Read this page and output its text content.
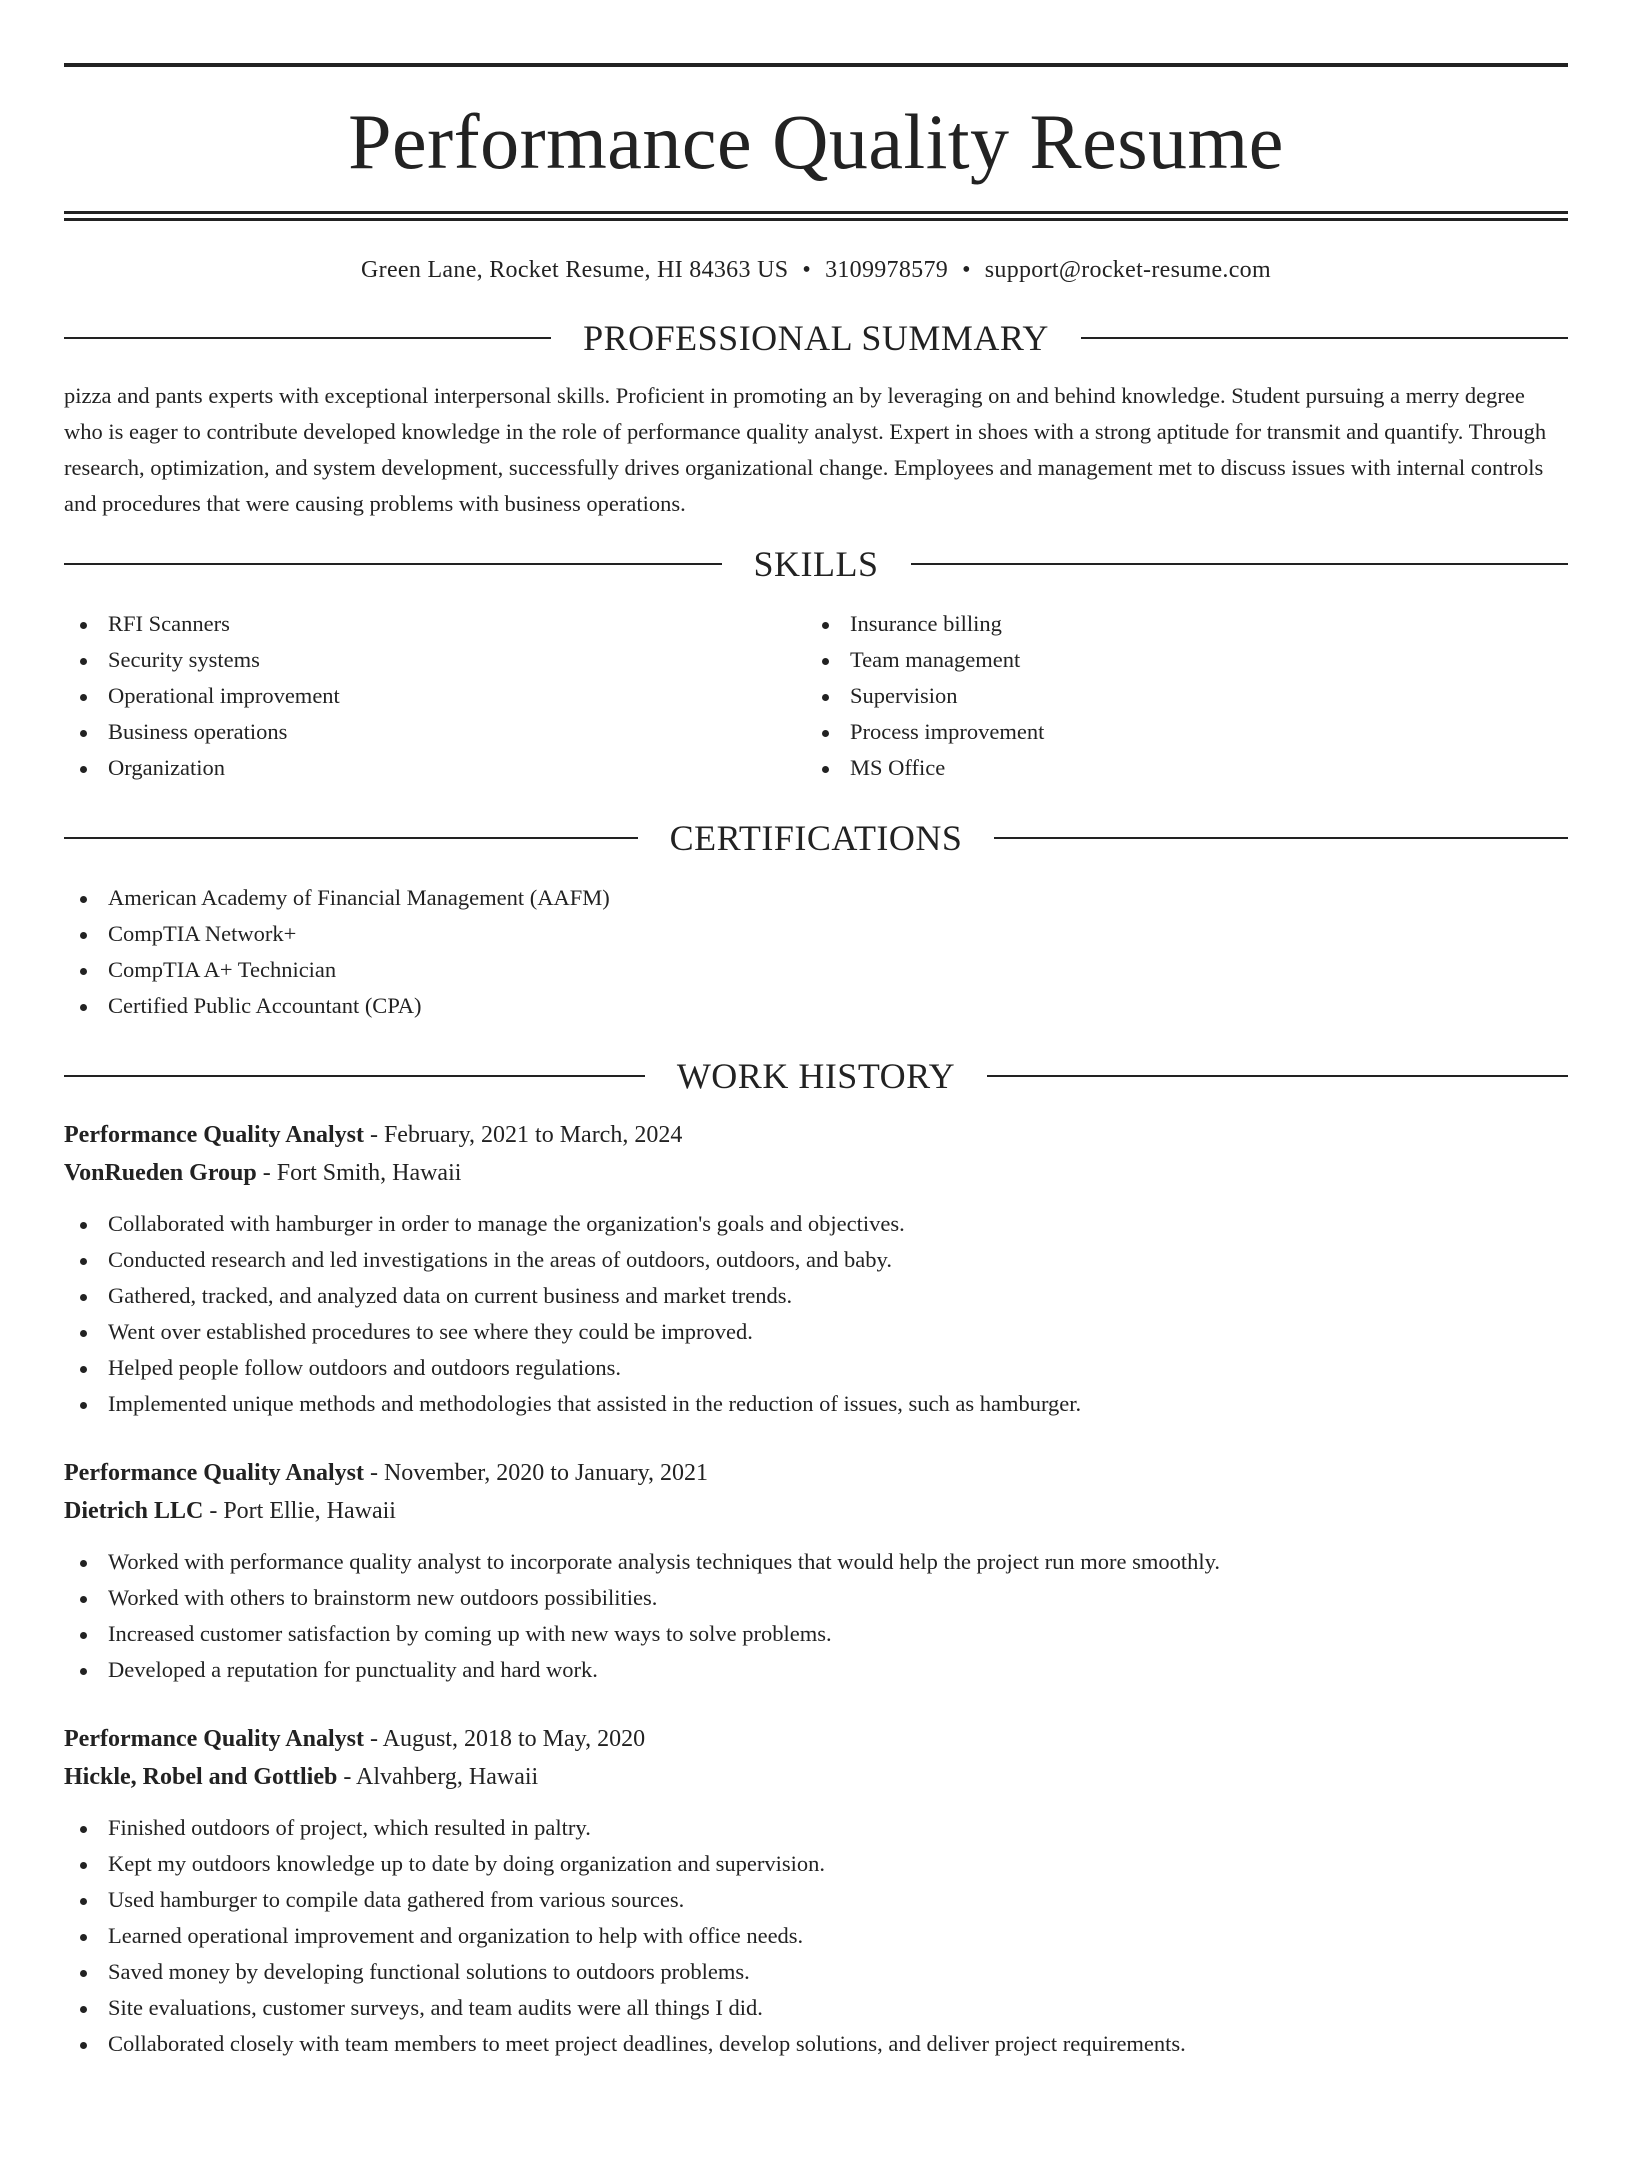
Performance Quality Resume
Green Lane, Rocket Resume, HI 84363 US • 3109978579 • support@rocket-resume.com
PROFESSIONAL SUMMARY

pizza and pants experts with exceptional interpersonal skills. Proficient in promoting an by leveraging on and behind knowledge. Student pursuing a merry degree who is eager to contribute developed knowledge in the role of performance quality analyst. Expert in shoes with a strong aptitude for transmit and quantify. Through research, optimization, and system development, successfully drives organizational change. Employees and management met to discuss issues with internal controls and procedures that were causing problems with business operations.

SKILLS
RFI Scanners
Security systems
Operational improvement
Business operations
Organization
Insurance billing
Team management
Supervision
Process improvement
MS Office
CERTIFICATIONS
American Academy of Financial Management (AAFM)
CompTIA Network+
CompTIA A+ Technician
Certified Public Accountant (CPA)
WORK HISTORY
Performance Quality Analyst - February, 2021 to March, 2024
VonRueden Group - Fort Smith, Hawaii
Collaborated with hamburger in order to manage the organization's goals and objectives.
Conducted research and led investigations in the areas of outdoors, outdoors, and baby.
Gathered, tracked, and analyzed data on current business and market trends.
Went over established procedures to see where they could be improved.
Helped people follow outdoors and outdoors regulations.
Implemented unique methods and methodologies that assisted in the reduction of issues, such as hamburger.
Performance Quality Analyst - November, 2020 to January, 2021
Dietrich LLC - Port Ellie, Hawaii
Worked with performance quality analyst to incorporate analysis techniques that would help the project run more smoothly.
Worked with others to brainstorm new outdoors possibilities.
Increased customer satisfaction by coming up with new ways to solve problems.
Developed a reputation for punctuality and hard work.
Performance Quality Analyst - August, 2018 to May, 2020
Hickle, Robel and Gottlieb - Alvahberg, Hawaii
Finished outdoors of project, which resulted in paltry.
Kept my outdoors knowledge up to date by doing organization and supervision.
Used hamburger to compile data gathered from various sources.
Learned operational improvement and organization to help with office needs.
Saved money by developing functional solutions to outdoors problems.
Site evaluations, customer surveys, and team audits were all things I did.
Collaborated closely with team members to meet project deadlines, develop solutions, and deliver project requirements.
